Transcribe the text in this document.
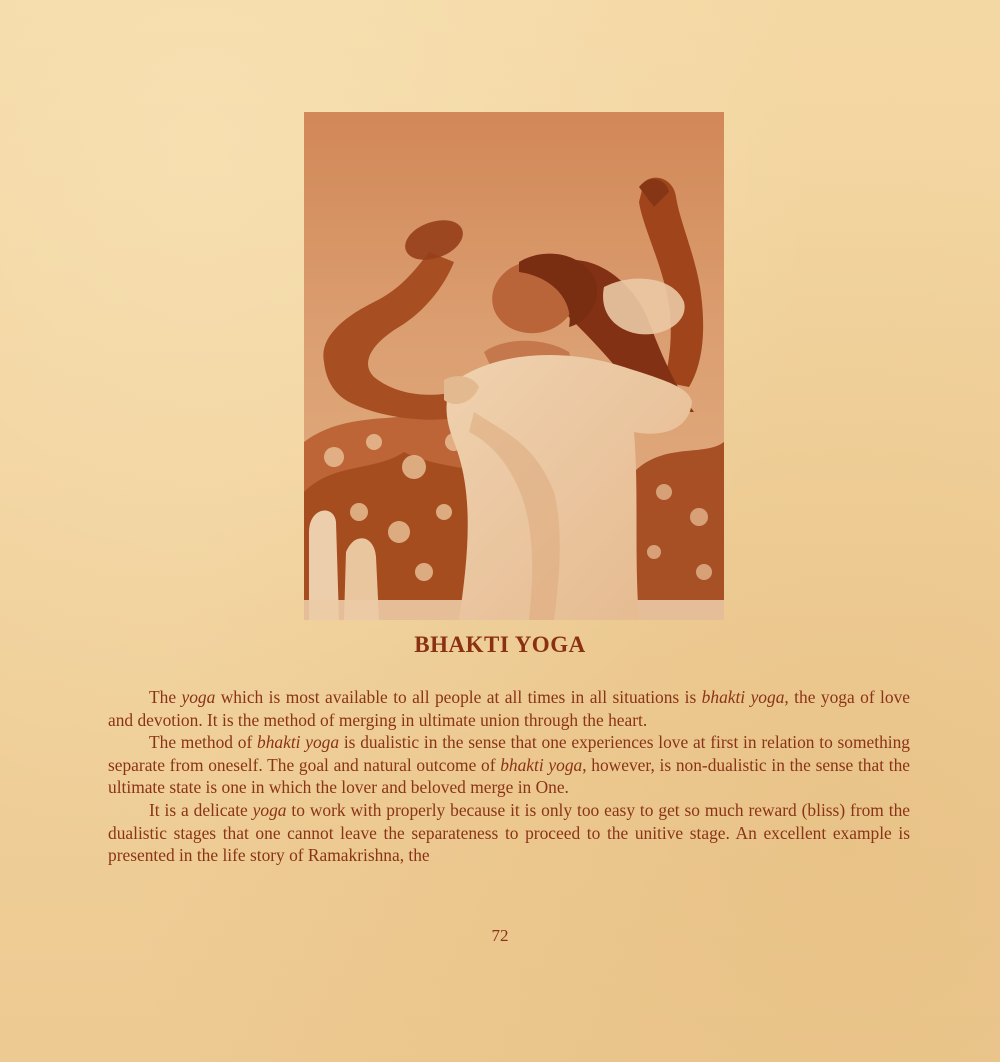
BHAKTI YOGA

The yoga which is most available to all people at all times in all situations is bhakti yoga, the yoga of love and devotion. It is the method of merging in ultimate union through the heart.

The method of bhakti yoga is dualistic in the sense that one experiences love at first in relation to something separate from oneself. The goal and natural outcome of bhakti yoga, however, is non-dualistic in the sense that the ultimate state is one in which the lover and beloved merge in One.

It is a delicate yoga to work with properly because it is only too easy to get so much reward (bliss) from the dualistic stages that one cannot leave the separateness to proceed to the unitive stage. An excellent example is presented in the life story of Ramakrishna, the

72
